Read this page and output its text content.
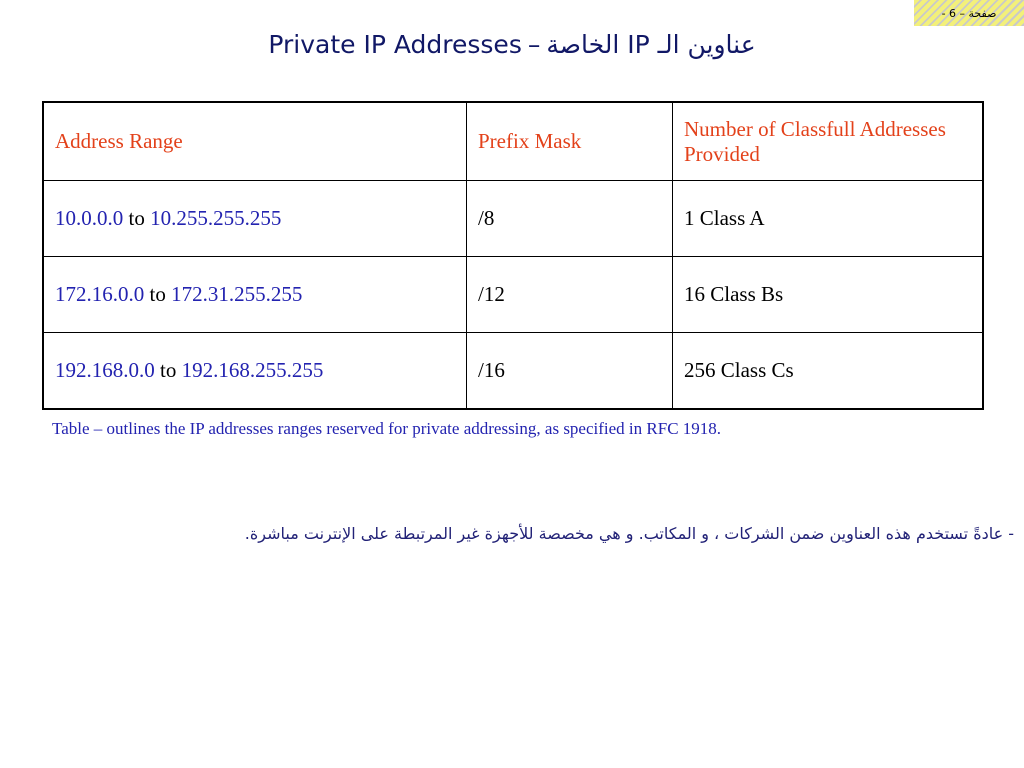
صفحة – 6 -
Private IP Addresses – عناوين الـ IP الخاصة
Address Range	Prefix Mask	Number of Classfull Addresses Provided
10.0.0.0 to 10.255.255.255	/8	1 Class A
172.16.0.0 to 172.31.255.255	/12	16 Class Bs
192.168.0.0 to 192.168.255.255	/16	256 Class Cs
Table – outlines the IP addresses ranges reserved for private addressing, as specified in RFC 1918.
- عادةً تستخدم هذه العناوين ضمن الشركات ، و المكاتب. و هي مخصصة للأجهزة غير المرتبطة على الإنترنت مباشرة.
